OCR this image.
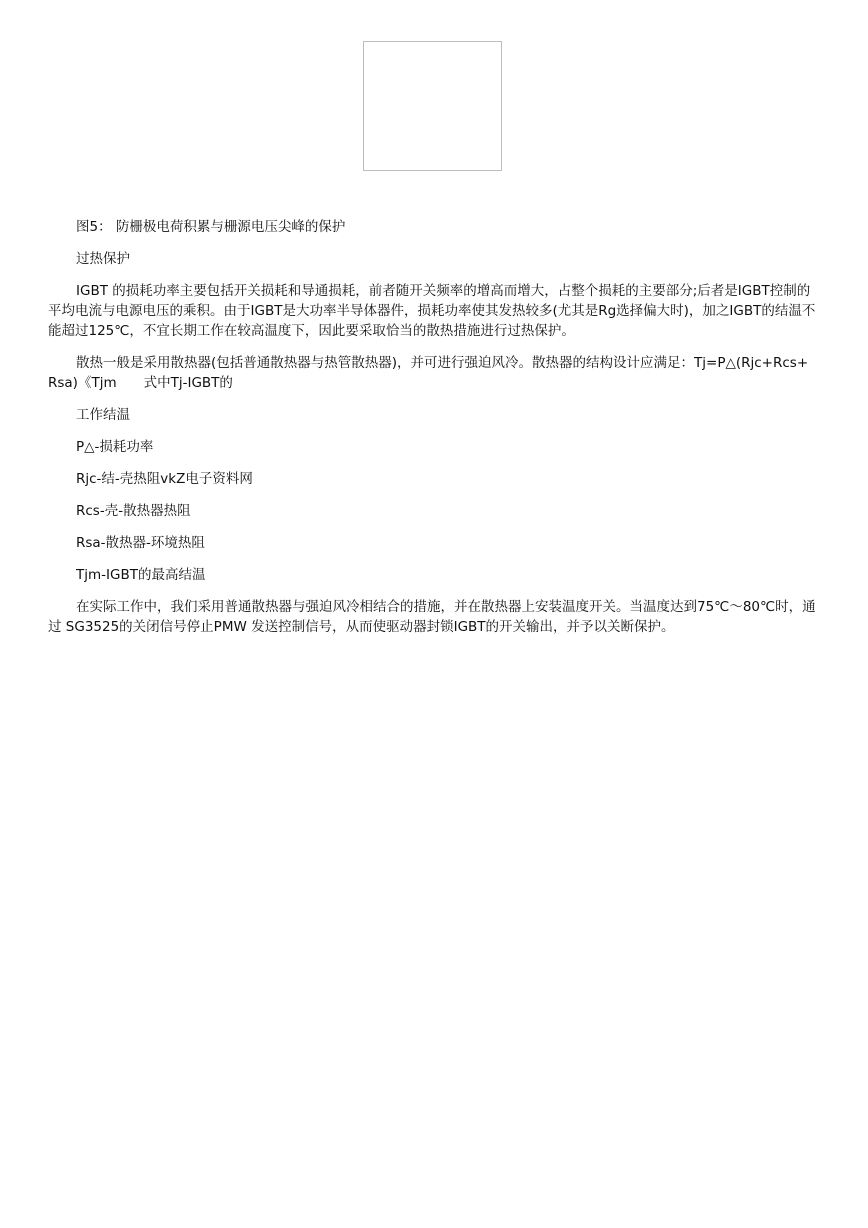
图5： 防栅极电荷积累与栅源电压尖峰的保护

过热保护

IGBT 的损耗功率主要包括开关损耗和导通损耗，前者随开关频率的增高而增大，占整个损耗的主要部分;后者是IGBT控制的平均电流与电源电压的乘积。由于IGBT是大功率半导体器件，损耗功率使其发热较多(尤其是Rg选择偏大时)，加之IGBT的结温不能超过125℃，不宜长期工作在较高温度下，因此要采取恰当的散热措施进行过热保护。

散热一般是采用散热器(包括普通散热器与热管散热器)，并可进行强迫风冷。散热器的结构设计应满足：Tj=P△(Rjc+Rcs+Rsa)《Tjm　　式中Tj-IGBT的

工作结温

P△-损耗功率

Rjc-结-壳热阻vkZ电子资料网

Rcs-壳-散热器热阻

Rsa-散热器-环境热阻

Tjm-IGBT的最高结温

在实际工作中，我们采用普通散热器与强迫风冷相结合的措施，并在散热器上安装温度开关。当温度达到75℃～80℃时，通过 SG3525的关闭信号停止PMW 发送控制信号，从而使驱动器封锁IGBT的开关输出，并予以关断保护。
